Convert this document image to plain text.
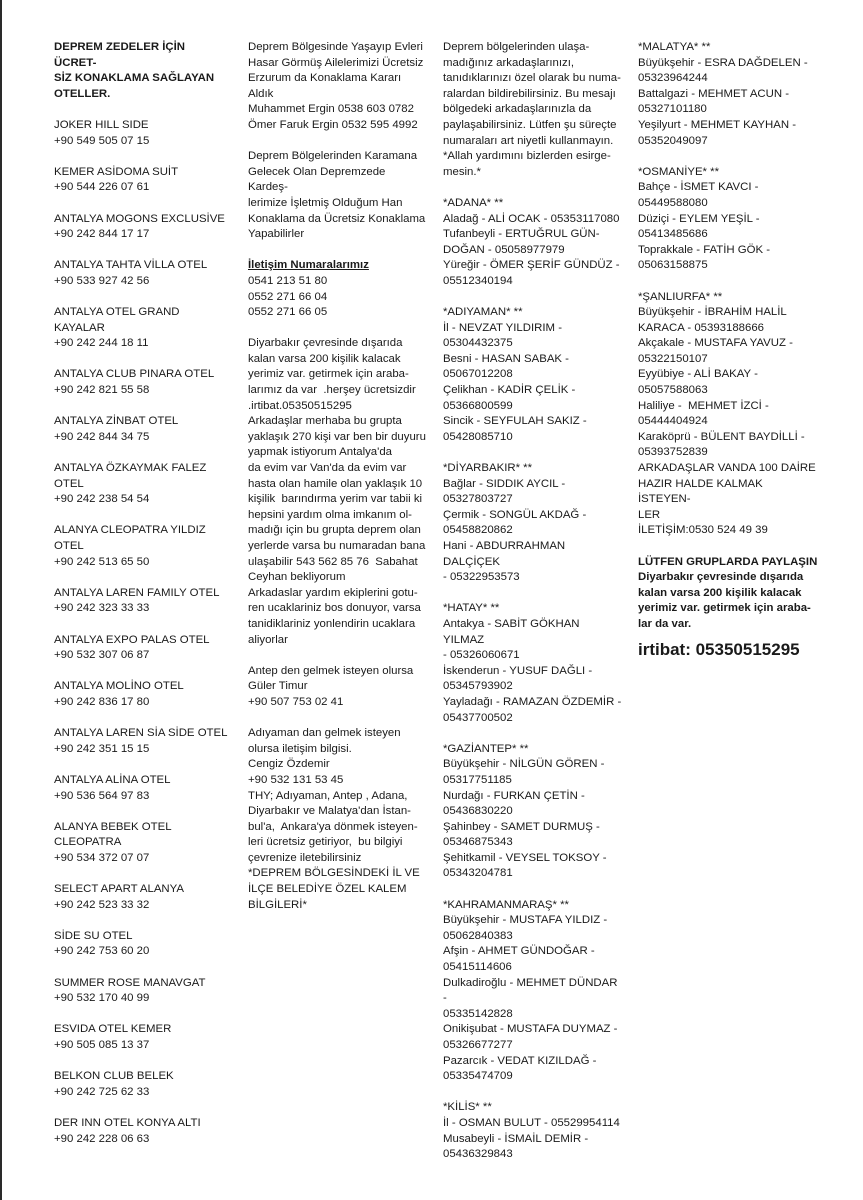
DEPREM ZEDELER İÇİN ÜCRET-
SİZ KONAKLAMA SAĞLAYAN
OTELLER.
JOKER HILL SIDE
+90 549 505 07 15
KEMER ASİDOMA SUİT
+90 544 226 07 61
ANTALYA MOGONS EXCLUSİVE
+90 242 844 17 17
ANTALYA TAHTA VİLLA OTEL
+90 533 927 42 56
ANTALYA OTEL GRAND KAYALAR
+90 242 244 18 11
ANTALYA CLUB PINARA OTEL
+90 242 821 55 58
ANTALYA ZİNBAT OTEL
+90 242 844 34 75
ANTALYA ÖZKAYMAK FALEZ OTEL
+90 242 238 54 54
ALANYA CLEOPATRA YILDIZ OTEL
+90 242 513 65 50
ANTALYA LAREN FAMILY OTEL
+90 242 323 33 33
ANTALYA EXPO PALAS OTEL
+90 532 307 06 87
ANTALYA MOLİNO OTEL
+90 242 836 17 80
ANTALYA LAREN SİA SİDE OTEL
+90 242 351 15 15
ANTALYA ALİNA OTEL
+90 536 564 97 83
ALANYA BEBEK OTEL CLEOPATRA
+90 534 372 07 07
SELECT APART ALANYA
+90 242 523 33 32
SİDE SU OTEL
+90 242 753 60 20
SUMMER ROSE MANAVGAT
+90 532 170 40 99
ESVIDA OTEL KEMER
+90 505 085 13 37
BELKON CLUB BELEK
+90 242 725 62 33
DER INN OTEL KONYA ALTI
+90 242 228 06 63
Deprem Bölgesinde Yaşayıp Evleri
Hasar Görmüş Ailelerimizi Ücretsiz
Erzurum da Konaklama Kararı
Aldık
Muhammet Ergin 0538 603 0782
Ömer Faruk Ergin 0532 595 4992
Deprem Bölgelerinden Karamana
Gelecek Olan Depremzede Kardeş-
lerimize İşletmiş Olduğum Han
Konaklama da Ücretsiz Konaklama
Yapabilirler
İletişim Numaralarımız
0541 213 51 80
0552 271 66 04
0552 271 66 05
Diyarbakır çevresinde dışarıda
kalan varsa 200 kişilik kalacak
yerimiz var. getirmek için araba-
larımız da var  .herşey ücretsizdir
.irtibat.05350515295
Arkadaşlar merhaba bu grupta
yaklaşık 270 kişi var ben bir duyuru
yapmak istiyorum Antalya'da
da evim var Van'da da evim var
hasta olan hamile olan yaklaşık 10
kişilik  barındırma yerim var tabii ki
hepsini yardım olma imkanım ol-
madığı için bu grupta deprem olan
yerlerde varsa bu numaradan bana
ulaşabilir 543 562 85 76  Sabahat
Ceyhan bekliyorum
Arkadaslar yardım ekiplerini gotu-
ren ucaklariniz bos donuyor, varsa
tanidiklariniz yonlendirin ucaklara
aliyorlar
Antep den gelmek isteyen olursa
Güler Timur
+90 507 753 02 41
Adıyaman dan gelmek isteyen
olursa iletişim bilgisi.
Cengiz Özdemir
+90 532 131 53 45
THY; Adıyaman, Antep , Adana,
Diyarbakır ve Malatya'dan İstan-
bul'a,  Ankara'ya dönmek isteyen-
leri ücretsiz getiriyor,  bu bilgiyi
çevrenize iletebilirsiniz
*DEPREM BÖLGESİNDEKİ İL VE
İLÇE BELEDİYE ÖZEL KALEM
BİLGİLERİ*
Deprem bölgelerinden ulaşa-
madığınız arkadaşlarınızı,
tanıdıklarınızı özel olarak bu numa-
ralardan bildirebilirsiniz. Bu mesajı
bölgedeki arkadaşlarınızla da
paylaşabilirsiniz. Lütfen şu süreçte
numaraları art niyetli kullanmayın.
*Allah yardımını bizlerden esirge-
mesin.*
*ADANA* **
Aladağ - ALİ OCAK - 05353117080
Tufanbeyli - ERTUĞRUL GÜN-
DOĞAN - 05058977979
Yüreğir - ÖMER ŞERİF GÜNDÜZ -
05512340194
*ADIYAMAN* **
İl - NEVZAT YILDIRIM -
05304432375
Besni - HASAN SABAK -
05067012208
Çelikhan - KADİR ÇELİK -
05366800599
Sincik - SEYFULAH SAKIZ -
05428085710
*DİYARBAKIR* **
Bağlar - SIDDIK AYCIL -
05327803727
Çermik - SONGÜL AKDAĞ -
05458820862
Hani - ABDURRAHMAN DALÇİÇEK
- 05322953573
*HATAY* **
Antakya - SABİT GÖKHAN YILMAZ
- 05326060671
İskenderun - YUSUF DAĞLI -
05345793902
Yayladağı - RAMAZAN ÖZDEMİR -
05437700502
*GAZİANTEP* **
Büyükşehir - NİLGÜN GÖREN -
05317751185
Nurdağı - FURKAN ÇETİN -
05436830220
Şahinbey - SAMET DURMUŞ -
05346875343
Şehitkamil - VEYSEL TOKSOY -
05343204781
*KAHRAMANMARAŞ* **
Büyükşehir - MUSTAFA YILDIZ -
05062840383
Afşin - AHMET GÜNDOĞAR -
05415114606
Dulkadiroğlu - MEHMET DÜNDAR -
05335142828
Onikişubat - MUSTAFA DUYMAZ -
05326677277
Pazarcık - VEDAT KIZILDAĞ -
05335474709
*KİLİS* **
İl - OSMAN BULUT - 05529954114
Musabeyli - İSMAİL DEMİR -
05436329843
*MALATYA* **
Büyükşehir - ESRA DAĞDELEN -
05323964244
Battalgazi - MEHMET ACUN -
05327101180
Yeşilyurt - MEHMET KAYHAN -
05352049097
*OSMANİYE* **
Bahçe - İSMET KAVCI -
05449588080
Düziçi - EYLEM YEŞİL -
05413485686
Toprakkale - FATİH GÖK -
05063158875
*ŞANLIURFA* **
Büyükşehir - İBRAHİM HALİL
KARACA - 05393188666
Akçakale - MUSTAFA YAVUZ -
05322150107
Eyyübiye - ALİ BAKAY -
05057588063
Haliliye -  MEHMET İZCİ -
05444404924
Karaköprü - BÜLENT BAYDİLLİ -
05393752839
ARKADAŞLAR VANDA 100 DAİRE
HAZIR HALDE KALMAK İSTEYEN-
LER
İLETİŞİM:0530 524 49 39
LÜTFEN GRUPLARDA PAYLAŞIN
Diyarbakır çevresinde dışarıda
kalan varsa 200 kişilik kalacak
yerimiz var. getirmek için araba-
lar da var.
irtibat: 05350515295
